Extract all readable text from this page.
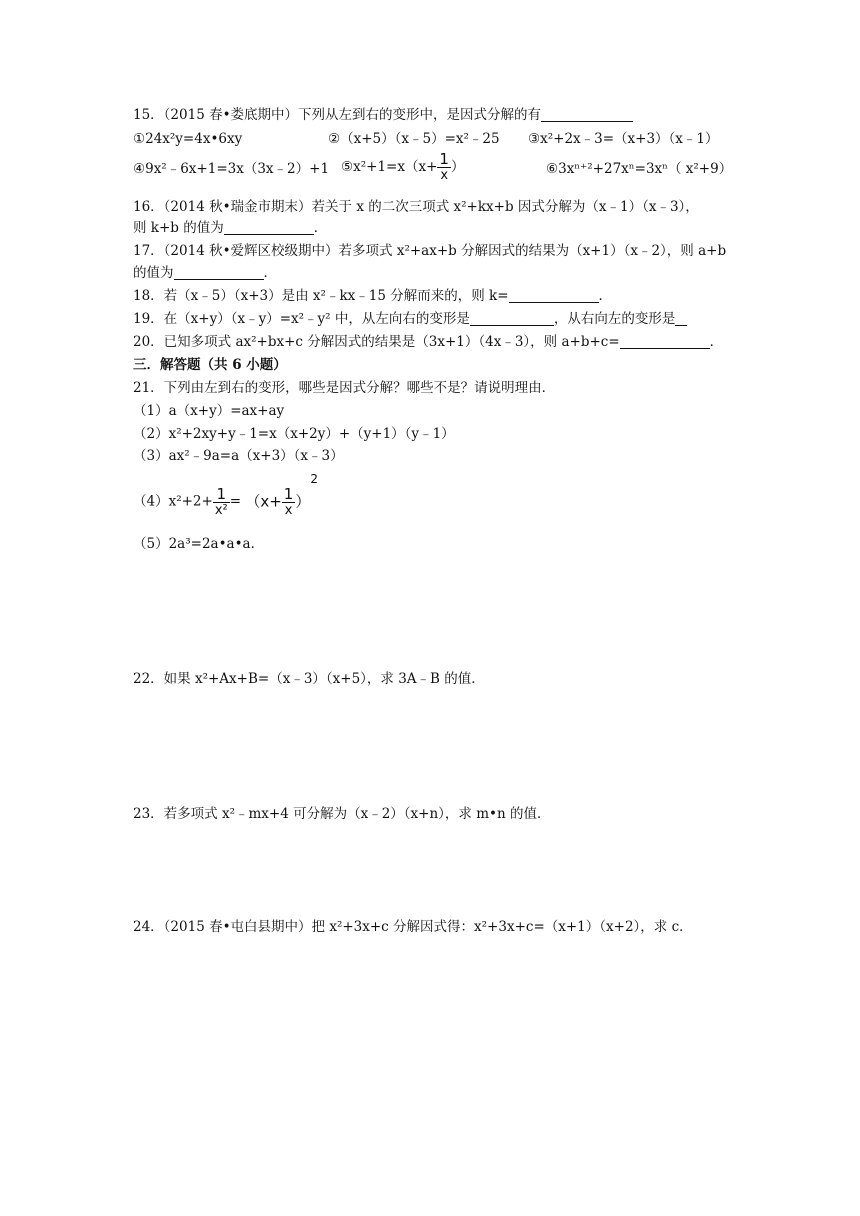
15．（2015 春•娄底期中）下列从左到右的变形中，是因式分解的有
①24x²y=4x•6xy	②（x+5）（x﹣5）=x²﹣25 ③x²+2x﹣3=（x+3）（x﹣1）
④9x²﹣6x+1=3x（3x﹣2）+1 ⑤x²+1=x（x+ $\frac{1}{x}$ ）	⑥3xⁿ⁺²+27xⁿ=3xⁿ（ x²+9）
16．（2014 秋•瑞金市期末）若关于 x 的二次三项式 x²+kx+b 因式分解为（x﹣1）（x﹣3），
则 k+b 的值为	．
17．（2014 秋•爱辉区校级期中）若多项式 x²+ax+b 分解因式的结果为（x+1）（x﹣2），则 a+b
的值为	．
18．若（x﹣5）（x+3）是由 x²﹣kx﹣15 分解而来的，则 k=	．
19．在（x+y）（x﹣y）=x²﹣y² 中，从左向右的变形是	，从右向左的变形是
20．已知多项式 ax²+bx+c 分解因式的结果是（3x+1）（4x﹣3），则 a+b+c=	．
三．解答题（共 6 小题）
21．下列由左到右的变形，哪些是因式分解？哪些不是？请说明理由．
（1）a（x+y）=ax+ay
（2）x²+2xy+y﹣1=x（x+2y）+（y+1）（y﹣1）
（3）ax²﹣9a=a（x+3）（x﹣3）
$(4)x^2+2+ \frac{1}{\text{x²}} = (x+ \frac{1}{x} )2$
（5）2a³=2a•a•a．
22．如果 x²+Ax+B=（x﹣3）（x+5），求 3A﹣B 的值．
23．若多项式 x²﹣mx+4 可分解为（x﹣2）（x+n），求 m•n 的值．
24．（2015 春•屯白县期中）把 x²+3x+c 分解因式得：x²+3x+c=（x+1）（x+2），求 c．
